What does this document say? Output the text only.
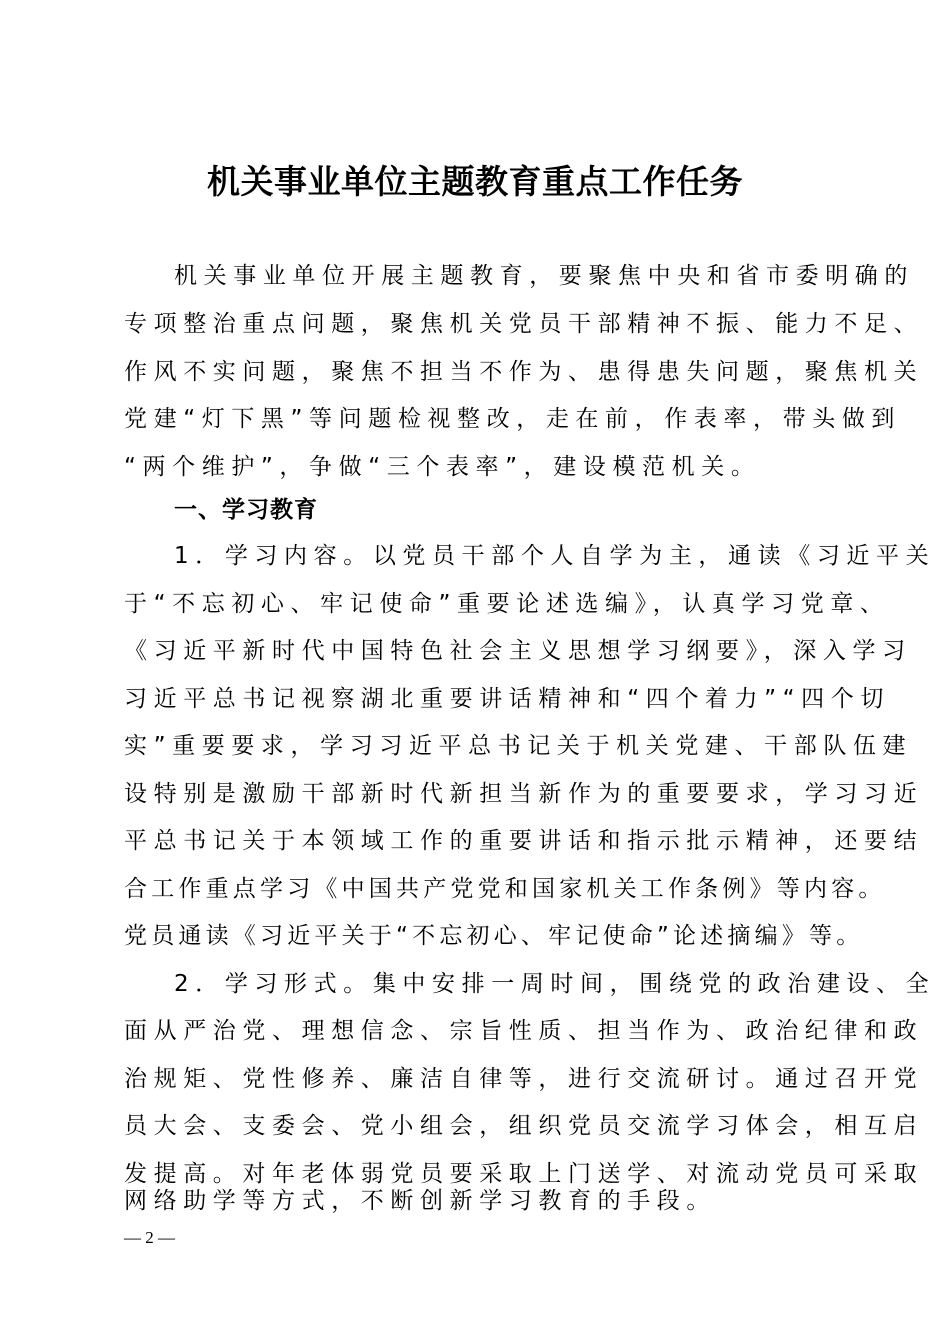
机关事业单位主题教育重点工作任务

机关事业单位开展主题教育，要聚焦中央和省市委明确的

专项整治重点问题，聚焦机关党员干部精神不振、能力不足、

作风不实问题，聚焦不担当不作为、患得患失问题，聚焦机关

党建“灯下黑”等问题检视整改，走在前，作表率，带头做到

“两个维护”，争做“三个表率”，建设模范机关。

一、学习教育

1．学习内容。以党员干部个人自学为主，通读《习近平关

于“不忘初心、牢记使命”重要论述选编》，认真学习党章、

《习近平新时代中国特色社会主义思想学习纲要》，深入学习

习近平总书记视察湖北重要讲话精神和“四个着力”“四个切

实”重要要求，学习习近平总书记关于机关党建、干部队伍建

设特别是激励干部新时代新担当新作为的重要要求，学习习近

平总书记关于本领域工作的重要讲话和指示批示精神，还要结

合工作重点学习《中国共产党党和国家机关工作条例》等内容。

党员通读《习近平关于“不忘初心、牢记使命”论述摘编》等。

2．学习形式。集中安排一周时间，围绕党的政治建设、全

面从严治党、理想信念、宗旨性质、担当作为、政治纪律和政

治规矩、党性修养、廉洁自律等，进行交流研讨。通过召开党

员大会、支委会、党小组会，组织党员交流学习体会，相互启

发提高。对年老体弱党员要采取上门送学、对流动党员可采取

网络助学等方式，不断创新学习教育的手段。

— 2 —
